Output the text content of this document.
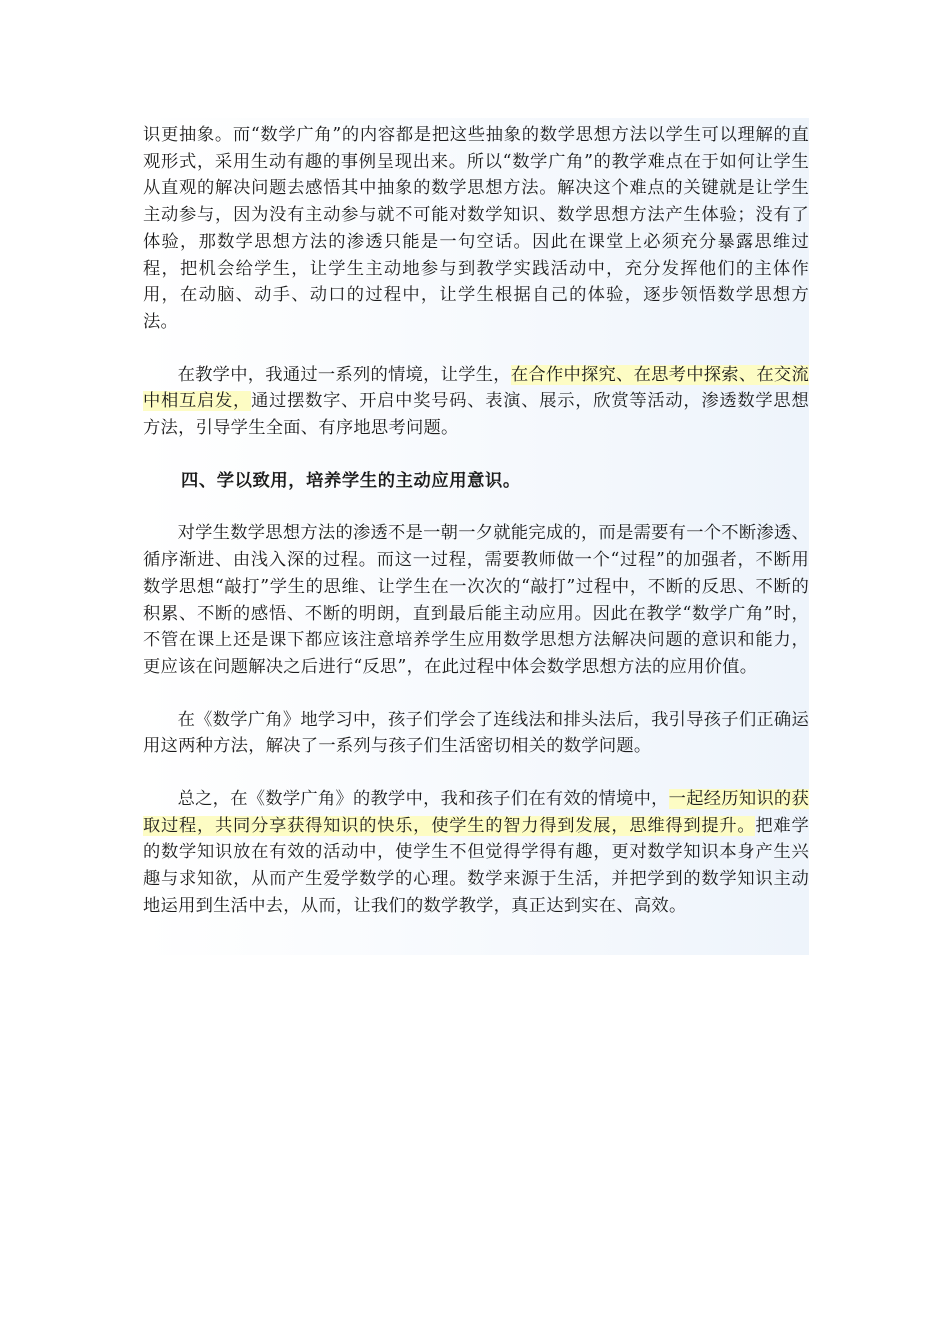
识更抽象。而“数学广角”的内容都是把这些抽象的数学思想方法以学生可以理解的直观形式，采用生动有趣的事例呈现出来。所以“数学广角”的教学难点在于如何让学生从直观的解决问题去感悟其中抽象的数学思想方法。解决这个难点的关键就是让学生主动参与，因为没有主动参与就不可能对数学知识、数学思想方法产生体验；没有了体验，那数学思想方法的渗透只能是一句空话。因此在课堂上必须充分暴露思维过程，把机会给学生，让学生主动地参与到教学实践活动中，充分发挥他们的主体作用，在动脑、动手、动口的过程中，让学生根据自己的体验，逐步领悟数学思想方法。

在教学中，我通过一系列的情境，让学生，在合作中探究、在思考中探索、在交流中相互启发，通过摆数字、开启中奖号码、表演、展示，欣赏等活动，渗透数学思想方法，引导学生全面、有序地思考问题。

四、学以致用，培养学生的主动应用意识。

对学生数学思想方法的渗透不是一朝一夕就能完成的，而是需要有一个不断渗透、循序渐进、由浅入深的过程。而这一过程，需要教师做一个“过程”的加强者，不断用数学思想“敲打”学生的思维、让学生在一次次的“敲打”过程中，不断的反思、不断的积累、不断的感悟、不断的明朗，直到最后能主动应用。因此在教学“数学广角”时，不管在课上还是课下都应该注意培养学生应用数学思想方法解决问题的意识和能力，更应该在问题解决之后进行“反思”，在此过程中体会数学思想方法的应用价值。

在《数学广角》地学习中，孩子们学会了连线法和排头法后，我引导孩子们正确运用这两种方法，解决了一系列与孩子们生活密切相关的数学问题。

总之，在《数学广角》的教学中，我和孩子们在有效的情境中，一起经历知识的获取过程，共同分享获得知识的快乐，使学生的智力得到发展，思维得到提升。把难学的数学知识放在有效的活动中，使学生不但觉得学得有趣，更对数学知识本身产生兴趣与求知欲，从而产生爱学数学的心理。数学来源于生活，并把学到的数学知识主动地运用到生活中去，从而，让我们的数学教学，真正达到实在、高效。
